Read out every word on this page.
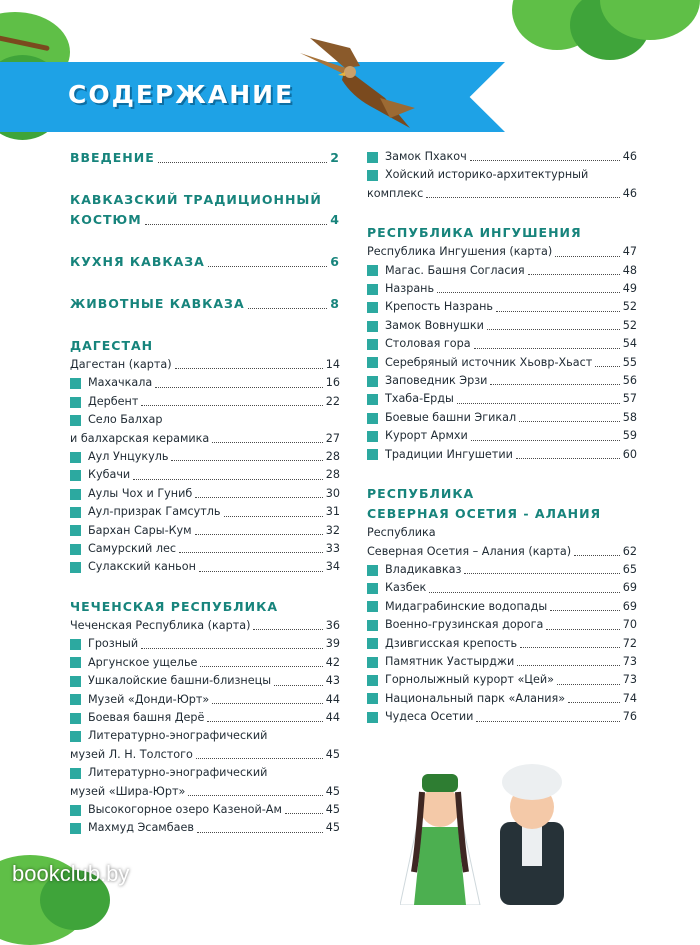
СОДЕРЖАНИЕ
ВВЕДЕНИЕ	2
КАВКАЗСКИЙ ТРАДИЦИОННЫЙ
КОСТЮМ	4
КУХНЯ КАВКАЗА	6
ЖИВОТНЫЕ КАВКАЗА	8
ДАГЕСТАН
Дагестан (карта)	14
Махачкала	16
Дербент	22
Село Балхар
и балхарская керамика	27
Аул Унцукуль	28
Кубачи	28
Аулы Чох и Гуниб	30
Аул-призрак Гамсутль	31
Бархан Сары-Кум	32
Самурский лес	33
Сулакский каньон	34
ЧЕЧЕНСКАЯ РЕСПУБЛИКА
Чеченская Республика (карта)	36
Грозный	39
Аргунское ущелье	42
Ушкалойские башни-близнецы	43
Музей «Донди-Юрт»	44
Боевая башня Дерё	44
Литературно-энографический
музей Л. Н. Толстого	45
Литературно-энографический
музей «Шира-Юрт»	45
Высокогорное озеро Казеной-Ам	45
Махмуд Эсамбаев	45
Замок Пхакоч	46
Хойский историко-архитектурный
комплекс	46
РЕСПУБЛИКА ИНГУШЕНИЯ
Республика Ингушения (карта)	47
Магас. Башня Согласия	48
Назрань	49
Крепость Назрань	52
Замок Вовнушки	52
Столовая гора	54
Серебряный источник Хьовр-Хьаст	55
Заповедник Эрзи	56
Тхаба-Ерды	57
Боевые башни Эгикал	58
Курорт Армхи	59
Традиции Ингушетии	60
РЕСПУБЛИКА
СЕВЕРНАЯ ОСЕТИЯ - АЛАНИЯ
Республика
Северная Осетия – Алания (карта)	62
Владикавказ	65
Казбек	69
Мидаграбинские водопады	69
Военно-грузинская дорога	70
Дзивгисская крепость	72
Памятник Уастырджи	73
Горнолыжный курорт «Цей»	73
Национальный парк «Алания»	74
Чудеса Осетии	76
bookclub.by
